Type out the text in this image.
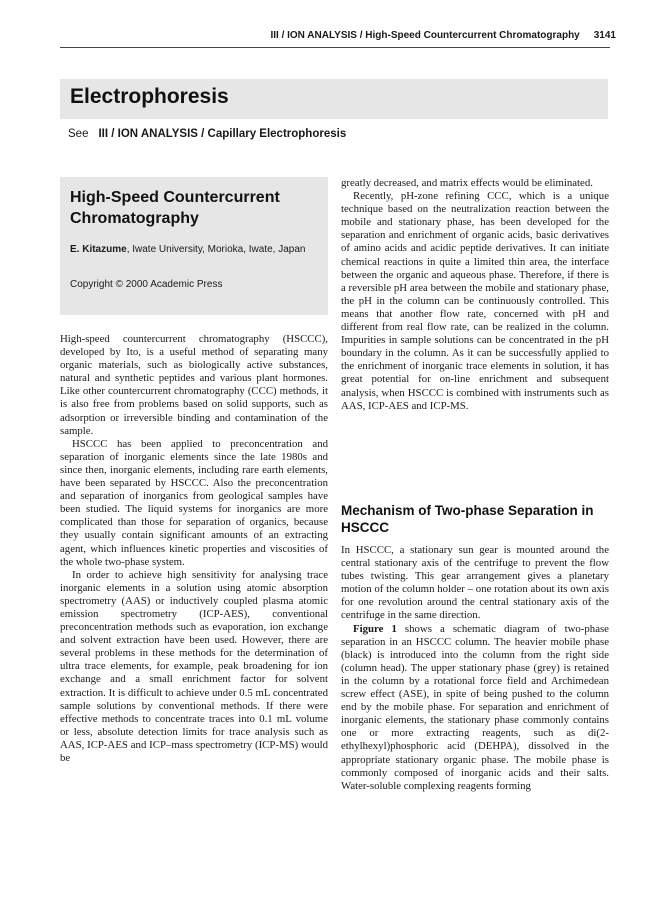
III / ION ANALYSIS / High-Speed Countercurrent Chromatography 3141
Electrophoresis
See III / ION ANALYSIS / Capillary Electrophoresis
High-Speed Countercurrent Chromatography
E. Kitazume, Iwate University, Morioka, Iwate, Japan
Copyright © 2000 Academic Press

High-speed countercurrent chromatography (HSCCC), developed by Ito, is a useful method of separating many organic materials, such as biologically active substances, natural and synthetic peptides and various plant hormones. Like other countercurrent chromatography (CCC) methods, it is also free from problems based on solid supports, such as adsorption or irreversible binding and contamination of the sample.

HSCCC has been applied to preconcentration and separation of inorganic elements since the late 1980s and since then, inorganic elements, including rare earth elements, have been separated by HSCCC. Also the preconcentration and separation of inorganics from geological samples have been studied. The liquid systems for inorganics are more complicated than those for separation of organics, because they usually contain significant amounts of an extracting agent, which influences kinetic properties and viscosities of the whole two-phase system.

In order to achieve high sensitivity for analysing trace inorganic elements in a solution using atomic absorption spectrometry (AAS) or inductively coupled plasma atomic emission spectrometry (ICP-AES), conventional preconcentration methods such as evaporation, ion exchange and solvent extraction have been used. However, there are several problems in these methods for the determination of ultra trace elements, for example, peak broadening for ion exchange and a small enrichment factor for solvent extraction. It is difficult to achieve under 0.5 mL concentrated sample solutions by conventional methods. If there were effective methods to concentrate traces into 0.1 mL volume or less, absolute detection limits for trace analysis such as AAS, ICP-AES and ICP–mass spectrometry (ICP-MS) would be

greatly decreased, and matrix effects would be eliminated.

Recently, pH-zone refining CCC, which is a unique technique based on the neutralization reaction between the mobile and stationary phase, has been developed for the separation and enrichment of organic acids, basic derivatives of amino acids and acidic peptide derivatives. It can initiate chemical reactions in quite a limited thin area, the interface between the organic and aqueous phase. Therefore, if there is a reversible pH area between the mobile and stationary phase, the pH in the column can be continuously controlled. This means that another flow rate, concerned with pH and different from real flow rate, can be realized in the column. Impurities in sample solutions can be concentrated in the pH boundary in the column. As it can be successfully applied to the enrichment of inorganic trace elements in solution, it has great potential for on-line enrichment and subsequent analysis, when HSCCC is combined with instruments such as AAS, ICP-AES and ICP-MS.

Mechanism of Two-phase Separation in HSCCC

In HSCCC, a stationary sun gear is mounted around the central stationary axis of the centrifuge to prevent the flow tubes twisting. This gear arrangement gives a planetary motion of the column holder – one rotation about its own axis for one revolution around the central stationary axis of the centrifuge in the same direction.

Figure 1 shows a schematic diagram of two-phase separation in an HSCCC column. The heavier mobile phase (black) is introduced into the column from the right side (column head). The upper stationary phase (grey) is retained in the column by a rotational force field and Archimedean screw effect (ASE), in spite of being pushed to the column end by the mobile phase. For separation and enrichment of inorganic elements, the stationary phase commonly contains one or more extracting reagents, such as di(2-ethylhexyl)phosphoric acid (DEHPA), dissolved in the appropriate stationary organic phase. The mobile phase is commonly composed of inorganic acids and their salts. Water-soluble complexing reagents forming
